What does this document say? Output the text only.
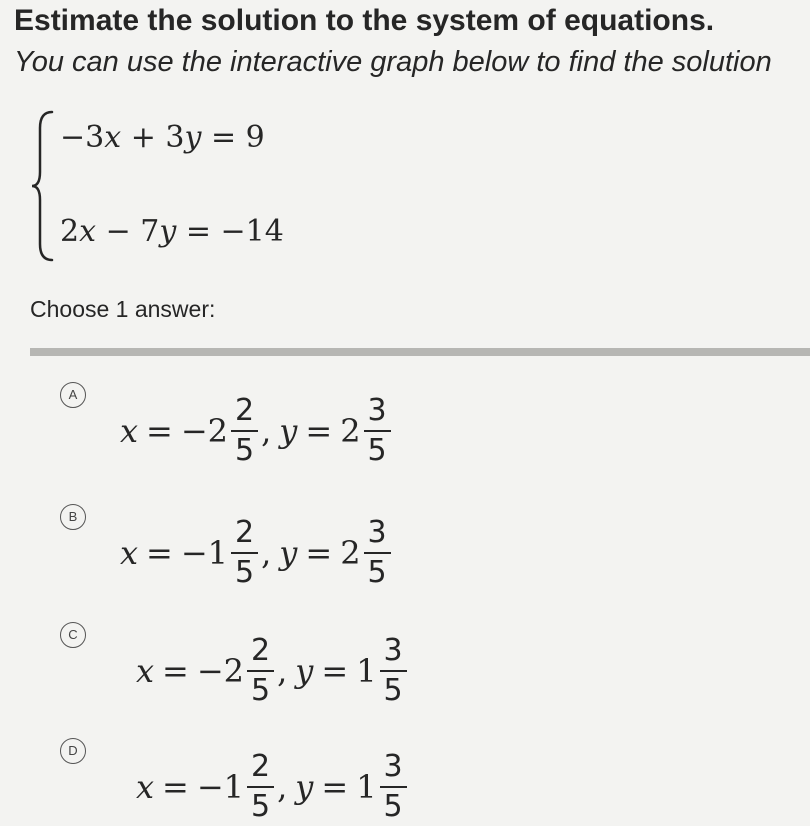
Estimate the solution to the system of equations.
You can use the interactive graph below to find the solution
−3x + 3y = 9
2x − 7y = −14
Choose 1 answer:
A
$x = -2 \frac{2}{5}$ , $y = 2 \frac{3}{5}$
B
$x = -1 \frac{2}{5}$ , $y = 2 \frac{3}{5}$
C
$x = -2 \frac{2}{5}$ , $y = 1 \frac{3}{5}$
D
$x = -1 \frac{2}{5}$ , $y = 1 \frac{3}{5}$
